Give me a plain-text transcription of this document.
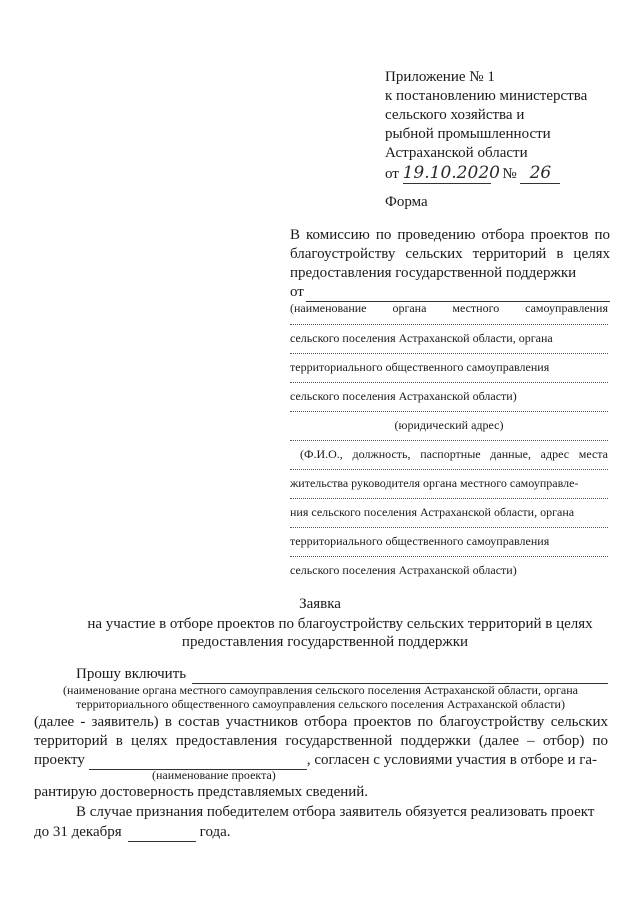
Приложение № 1
к постановлению министерства
сельского хозяйства и
рыбной промышленности
Астраханской области
от 19.10.2020 № 26
Форма
В комиссию по проведению отбора проектов по
благоустройству сельских территорий в целях
предоставления государственной поддержки
от
(наименование органа местного самоуправления
сельского поселения Астраханской области, органа
территориального общественного самоуправления
сельского поселения Астраханской области)
(юридический адрес)
(Ф.И.О., должность, паспортные данные, адрес места
жительства руководителя органа местного самоуправле-
ния сельского поселения Астраханской области, органа
территориального общественного самоуправления
сельского поселения Астраханской области)
Заявка
на участие в отборе проектов по благоустройству сельских территорий в целях
предоставления государственной поддержки
Прошу включить
(наименование органа местного самоуправления сельского поселения Астраханской области, органа
территориального общественного самоуправления сельского поселения Астраханской области)
(далее - заявитель) в состав участников отбора проектов по благоустройству сельских
территорий в целях предоставления государственной поддержки (далее – отбор) по
проекту	, согласен с условиями участия в отборе и га-
(наименование проекта)
рантирую достоверность представляемых сведений.
В случае признания победителем отбора заявитель обязуется реализовать проект
до 31 декабря	года.
